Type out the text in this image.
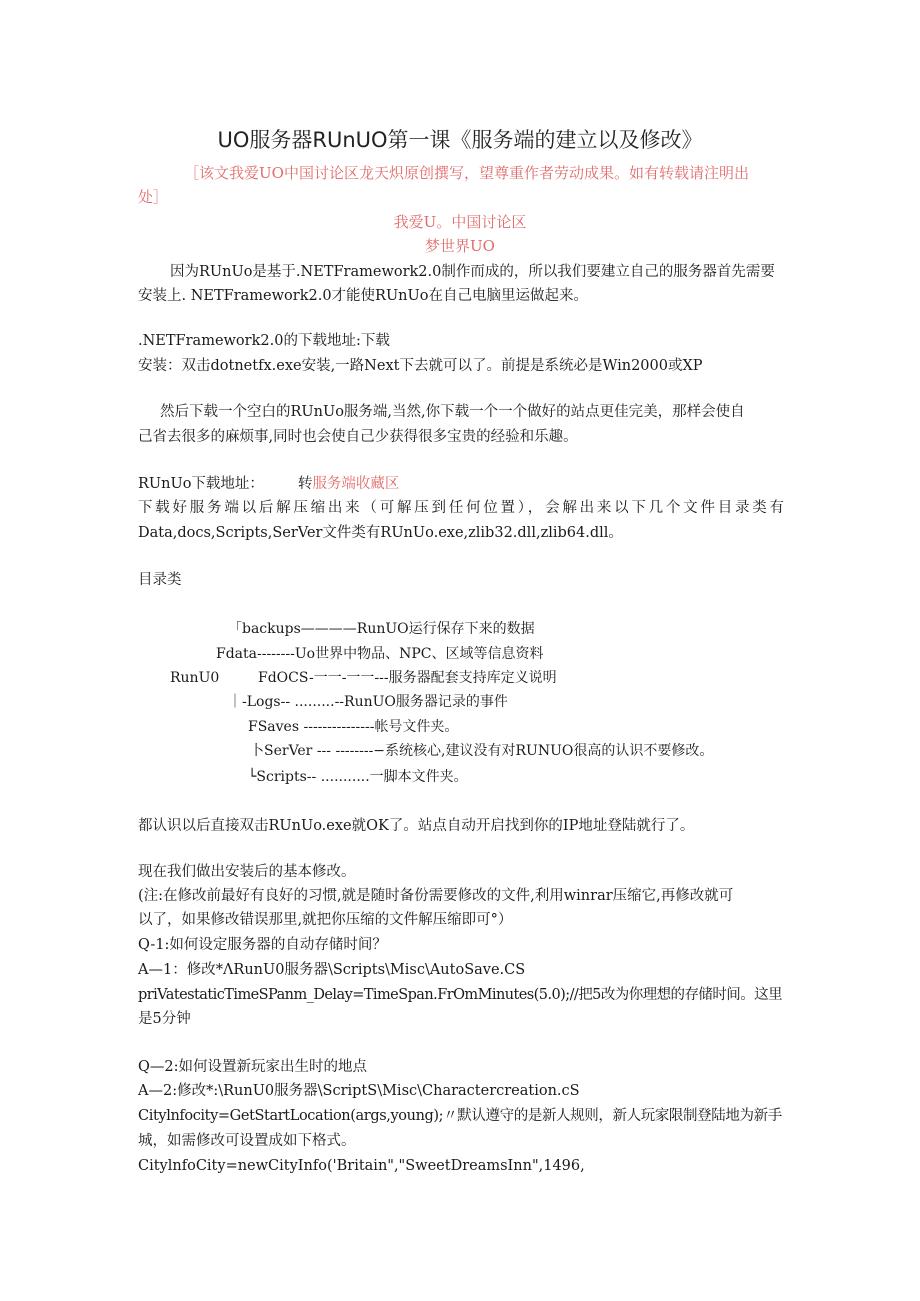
UO服务器RUnUO第一课《服务端的建立以及修改》
［该文我爱UO中国讨论区龙天炽原创撰写，望尊重作者劳动成果。如有转载请注明出
处］
我爱U。中国讨论区
梦世界UO
因为RUnUo是基于.NETFramework2.0制作而成的，所以我们要建立自己的服务器首先需要
安装上. NETFramework2.0才能使RUnUo在自己电脑里运做起来。
.NETFramework2.0的下载地址:下载
安装：双击dotnetfx.exe安装,一路Next下去就可以了。前提是系统必是Win2000或XP
然后下载一个空白的RUnUo服务端,当然,你下载一个一个做好的站点更佳完美，那样会使自
己省去很多的麻烦事,同时也会使自己少获得很多宝贵的经验和乐趣。
RUnUo下载地址： 转服务端收藏区
下载好服务端以后解压缩出来（可解压到任何位置），会解出来以下几个文件目录类有
Data,docs,Scripts,SerVer文件类有RUnUo.exe,zlib32.dll,zlib64.dll。
目录类
「backups————RunUO运行保存下来的数据
Fdata--------Uo世界中物品、NPC、区域等信息资料
RunU0	FdOCS-一一-一一---服务器配套支持库定义说明
｜-Logs-- .........--RunUO服务器记录的事件
FSaves ---------------帐号文件夹。
卜SerVer --- --------−系统核心,建议没有对RUNUO很高的认识不要修改。
└Scripts-- ...........一脚本文件夹。
都认识以后直接双击RUnUo.exe就OK了。站点自动开启找到你的IP地址登陆就行了。
现在我们做出安装后的基本修改。
(注:在修改前最好有良好的习惯,就是随时备份需要修改的文件,利用winrar压缩它,再修改就可
以了，如果修改错误那里,就把你压缩的文件解压缩即可°）
Q-1:如何设定服务器的自动存储时间？
A—1：修改*ΛRunU0服务器\Scripts\Misc\AutoSave.CS
priVatestaticTimeSPanm_Delay=TimeSpan.FrOmMinutes(5.0);//把5改为你理想的存储时间。这里
是5分钟
Q—2:如何设置新玩家出生时的地点
A—2:修改*:\RunU0服务器\ScriptS\Misc\Charactercreation.cS
Citylnfocity=GetStartLocation(args,young);〃默认遵守的是新人规则，新人玩家限制登陆地为新手
城，如需修改可设置成如下格式。
CitylnfoCity=newCityInfo('Britain","SweetDreamsInn",1496,
